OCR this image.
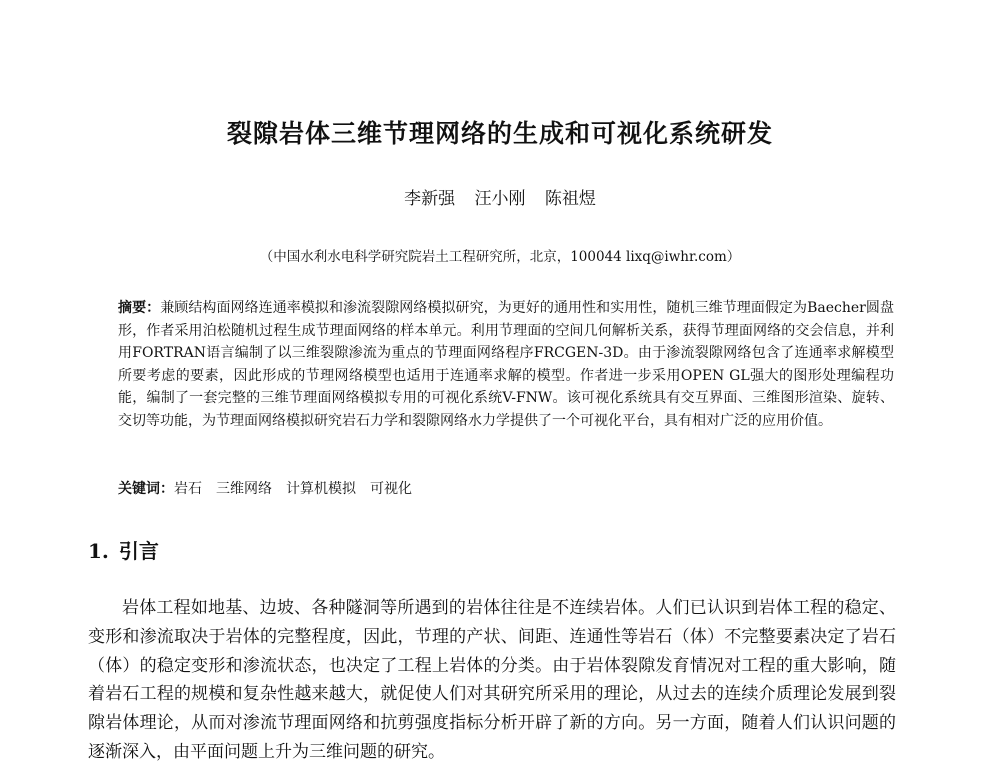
裂隙岩体三维节理网络的生成和可视化系统研发
李新强 汪小刚 陈祖煜
（中国水利水电科学研究院岩土工程研究所，北京，100044 lixq@iwhr.com）

摘要：兼顾结构面网络连通率模拟和渗流裂隙网络模拟研究，为更好的通用性和实用性，随机三维节理面假定为Baecher圆盘形，作者采用泊松随机过程生成节理面网络的样本单元。利用节理面的空间几何解析关系，获得节理面网络的交会信息，并利用FORTRAN语言编制了以三维裂隙渗流为重点的节理面网络程序FRCGEN-3D。由于渗流裂隙网络包含了连通率求解模型所要考虑的要素，因此形成的节理网络模型也适用于连通率求解的模型。作者进一步采用OPEN GL强大的图形处理编程功能，编制了一套完整的三维节理面网络模拟专用的可视化系统V-FNW。该可视化系统具有交互界面、三维图形渲染、旋转、交切等功能，为节理面网络模拟研究岩石力学和裂隙网络水力学提供了一个可视化平台，具有相对广泛的应用价值。

关键词：岩石 三维网络 计算机模拟 可视化

1. 引言

岩体工程如地基、边坡、各种隧洞等所遇到的岩体往往是不连续岩体。人们已认识到岩体工程的稳定、变形和渗流取决于岩体的完整程度，因此，节理的产状、间距、连通性等岩石（体）不完整要素决定了岩石（体）的稳定变形和渗流状态，也决定了工程上岩体的分类。由于岩体裂隙发育情况对工程的重大影响，随着岩石工程的规模和复杂性越来越大，就促使人们对其研究所采用的理论，从过去的连续介质理论发展到裂隙岩体理论，从而对渗流节理面网络和抗剪强度指标分析开辟了新的方向。另一方面，随着人们认识问题的逐渐深入，由平面问题上升为三维问题的研究。
